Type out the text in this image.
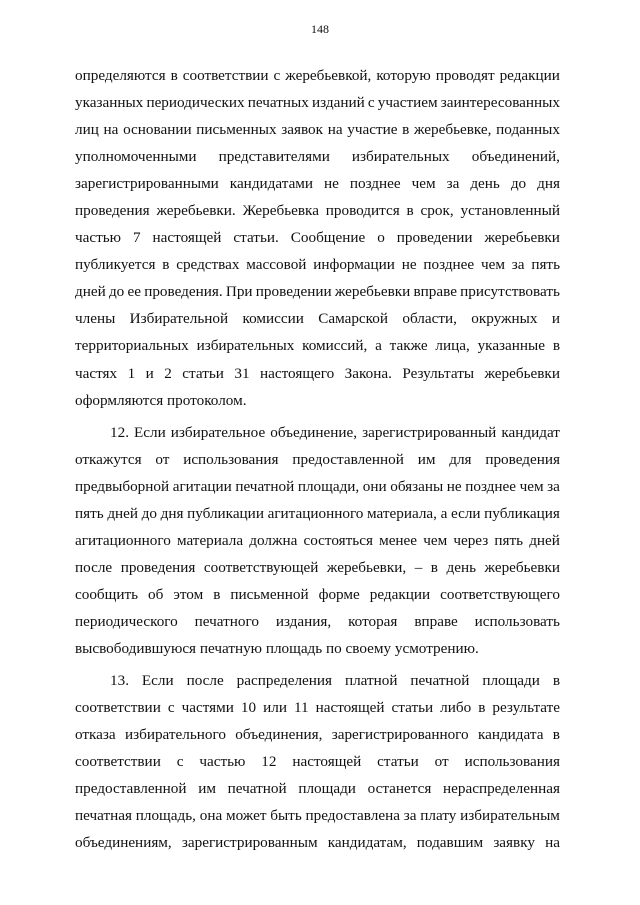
148
определяются в соответствии с жеребьевкой, которую проводят редакции
указанных периодических печатных изданий с участием заинтересованных
лиц на основании письменных заявок на участие в жеребьевке, поданных
уполномоченными представителями избирательных объединений,
зарегистрированными кандидатами не позднее чем за день до дня
проведения жеребьевки. Жеребьевка проводится в срок, установленный
частью 7 настоящей статьи. Сообщение о проведении жеребьевки
публикуется в средствах массовой информации не позднее чем за пять
дней до ее проведения. При проведении жеребьевки вправе присутствовать
члены Избирательной комиссии Самарской области, окружных и
территориальных избирательных комиссий, а также лица, указанные в
частях 1 и 2 статьи 31 настоящего Закона. Результаты жеребьевки
оформляются протоколом.
12. Если избирательное объединение, зарегистрированный кандидат
откажутся от использования предоставленной им для проведения
предвыборной агитации печатной площади, они обязаны не позднее чем за
пять дней до дня публикации агитационного материала, а если публикация
агитационного материала должна состояться менее чем через пять дней
после проведения соответствующей жеребьевки, – в день жеребьевки
сообщить об этом в письменной форме редакции соответствующего
периодического печатного издания, которая вправе использовать
высвободившуюся печатную площадь по своему усмотрению.
13. Если после распределения платной печатной площади в
соответствии с частями 10 или 11 настоящей статьи либо в результате
отказа избирательного объединения, зарегистрированного кандидата в
соответствии с частью 12 настоящей статьи от использования
предоставленной им печатной площади останется нераспределенная
печатная площадь, она может быть предоставлена за плату избирательным
объединениям, зарегистрированным кандидатам, подавшим заявку на
